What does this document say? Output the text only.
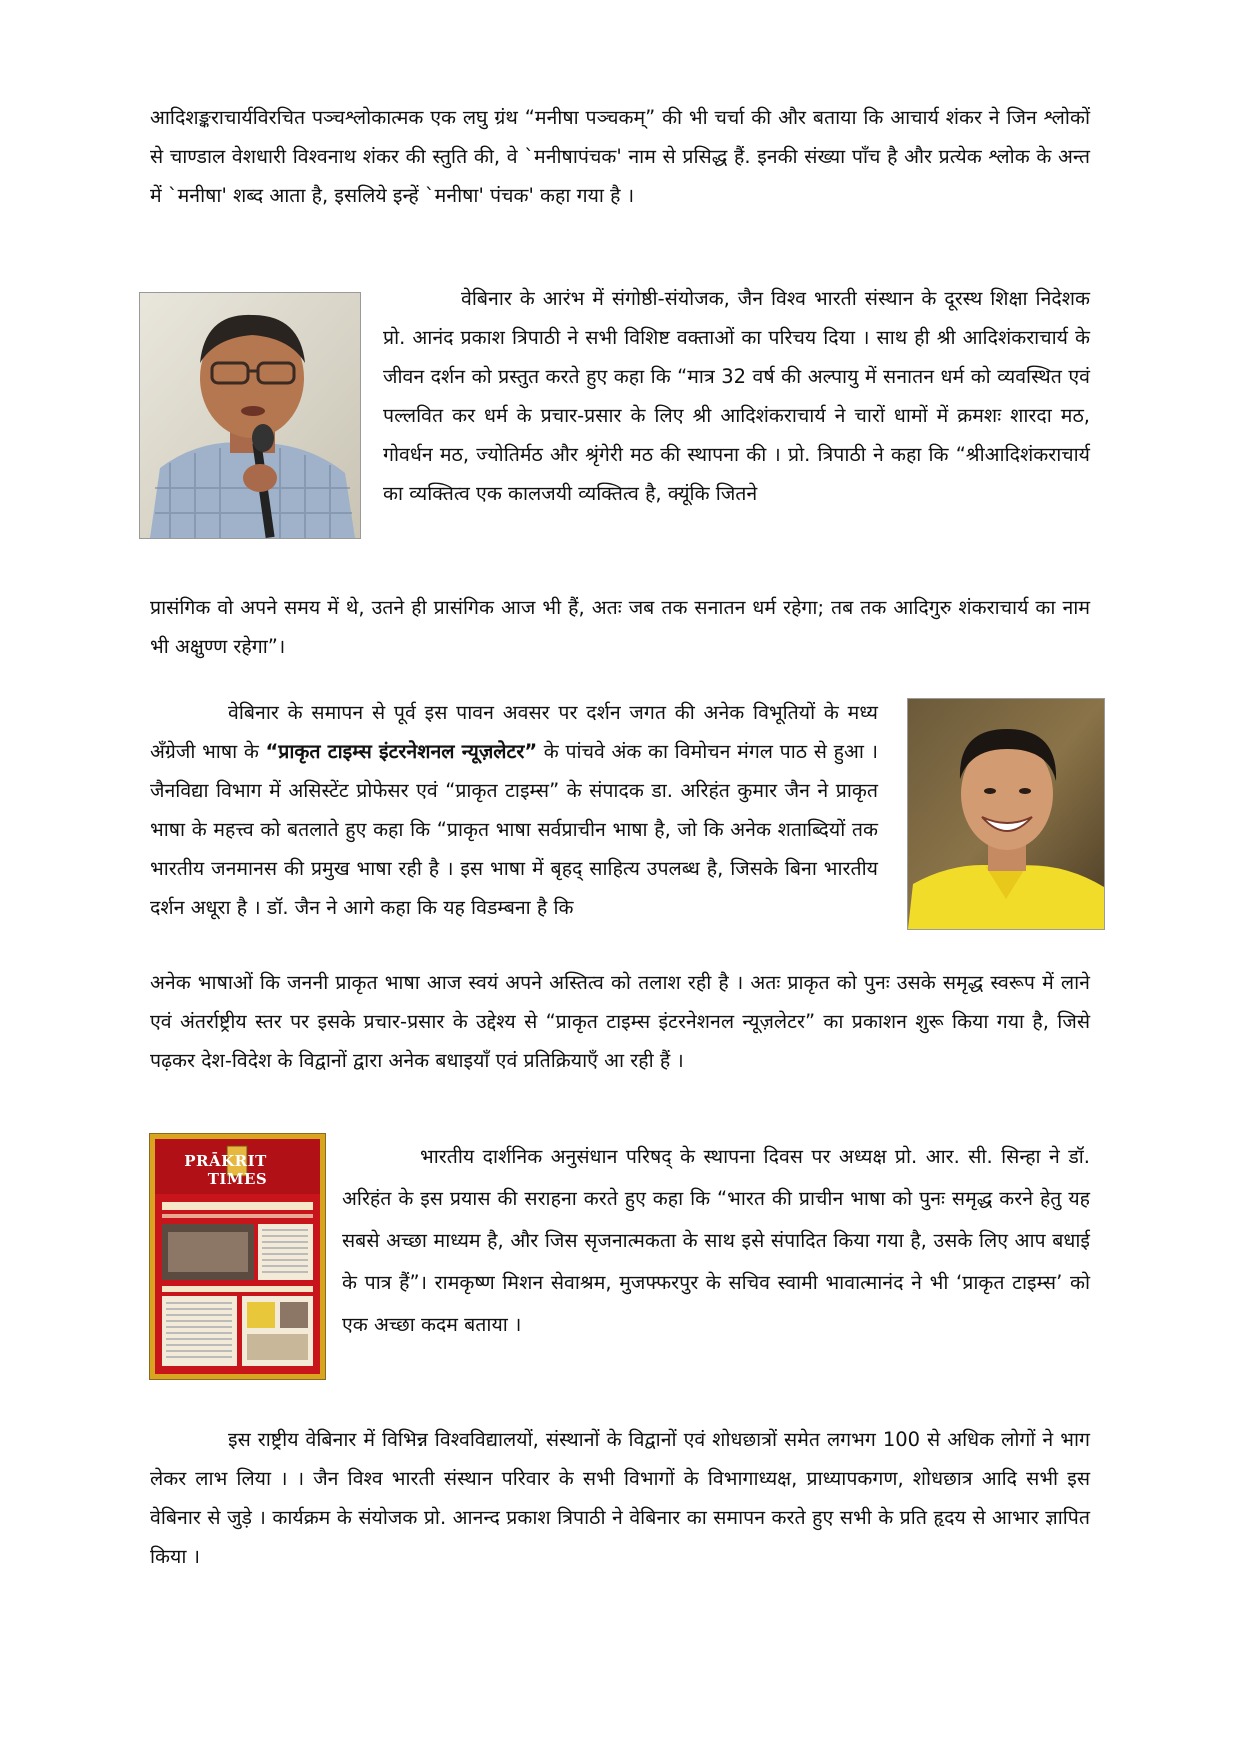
आदिशङ्कराचार्यविरचित पञ्चश्लोकात्मक एक लघु ग्रंथ “मनीषा पञ्चकम्” की भी चर्चा की और बताया कि आचार्य शंकर ने जिन श्लोकों से चाण्डाल वेशधारी विश्वनाथ शंकर की स्तुति की, वे `मनीषापंचक' नाम से प्रसिद्ध हैं. इनकी संख्या पाँच है और प्रत्येक श्लोक के अन्त में `मनीषा' शब्द आता है, इसलिये इन्हें `मनीषा' पंचक' कहा गया है ।

वेबिनार के आरंभ में संगोष्ठी-संयोजक, जैन विश्व भारती संस्थान के दूरस्थ शिक्षा निदेशक प्रो. आनंद प्रकाश त्रिपाठी ने सभी विशिष्ट वक्ताओं का परिचय दिया । साथ ही श्री आदिशंकराचार्य के जीवन दर्शन को प्रस्तुत करते हुए कहा कि “मात्र 32 वर्ष की अल्पायु में सनातन धर्म को व्यवस्थित एवं पल्लवित कर धर्म के प्रचार-प्रसार के लिए श्री आदिशंकराचार्य ने चारों धामों में क्रमशः शारदा मठ, गोवर्धन मठ, ज्योतिर्मठ और श्रृंगेरी मठ की स्थापना की । प्रो. त्रिपाठी ने कहा कि “श्रीआदिशंकराचार्य का व्यक्तित्व एक कालजयी व्यक्तित्व है, क्यूंकि जितने

प्रासंगिक वो अपने समय में थे, उतने ही प्रासंगिक आज भी हैं, अतः जब तक सनातन धर्म रहेगा; तब तक आदिगुरु शंकराचार्य का नाम भी अक्षुण्ण रहेगा”।

वेबिनार के समापन से पूर्व इस पावन अवसर पर दर्शन जगत की अनेक विभूतियों के मध्य अँग्रेजी भाषा के “प्राकृत टाइम्स इंटरनेशनल न्यूज़लेटर” के पांचवे अंक का विमोचन मंगल पाठ से हुआ । जैनविद्या विभाग में असिस्टेंट प्रोफेसर एवं “प्राकृत टाइम्स” के संपादक डा. अरिहंत कुमार जैन ने प्राकृत भाषा के महत्त्व को बतलाते हुए कहा कि “प्राकृत भाषा सर्वप्राचीन भाषा है, जो कि अनेक शताब्दियों तक भारतीय जनमानस की प्रमुख भाषा रही है । इस भाषा में बृहद् साहित्य उपलब्ध है, जिसके बिना भारतीय दर्शन अधूरा है । डॉ. जैन ने आगे कहा कि यह विडम्बना है कि

अनेक भाषाओं कि जननी प्राकृत भाषा आज स्वयं अपने अस्तित्व को तलाश रही है । अतः प्राकृत को पुनः उसके समृद्ध स्वरूप में लाने एवं अंतर्राष्ट्रीय स्तर पर इसके प्रचार-प्रसार के उद्देश्य से “प्राकृत टाइम्स इंटरनेशनल न्यूज़लेटर” का प्रकाशन शुरू किया गया है, जिसे पढ़कर देश-विदेश के विद्वानों द्वारा अनेक बधाइयाँ एवं प्रतिक्रियाएँ आ रही हैं ।

PRĀKRITTIMES

भारतीय दार्शनिक अनुसंधान परिषद् के स्थापना दिवस पर अध्यक्ष प्रो. आर. सी. सिन्हा ने डॉ. अरिहंत के इस प्रयास की सराहना करते हुए कहा कि “भारत की प्राचीन भाषा को पुनः समृद्ध करने हेतु यह सबसे अच्छा माध्यम है, और जिस सृजनात्मकता के साथ इसे संपादित किया गया है, उसके लिए आप बधाई के पात्र हैं”। रामकृष्ण मिशन सेवाश्रम, मुजफ्फरपुर के सचिव स्वामी भावात्मानंद ने भी ‘प्राकृत टाइम्स’ को एक अच्छा कदम बताया ।

इस राष्ट्रीय वेबिनार में विभिन्न विश्वविद्यालयों, संस्थानों के विद्वानों एवं शोधछात्रों समेत लगभग 100 से अधिक लोगों ने भाग लेकर लाभ लिया । । जैन विश्व भारती संस्थान परिवार के सभी विभागों के विभागाध्यक्ष, प्राध्यापकगण, शोधछात्र आदि सभी इस वेबिनार से जुड़े । कार्यक्रम के संयोजक प्रो. आनन्द प्रकाश त्रिपाठी ने वेबिनार का समापन करते हुए सभी के प्रति हृदय से आभार ज्ञापित किया ।
